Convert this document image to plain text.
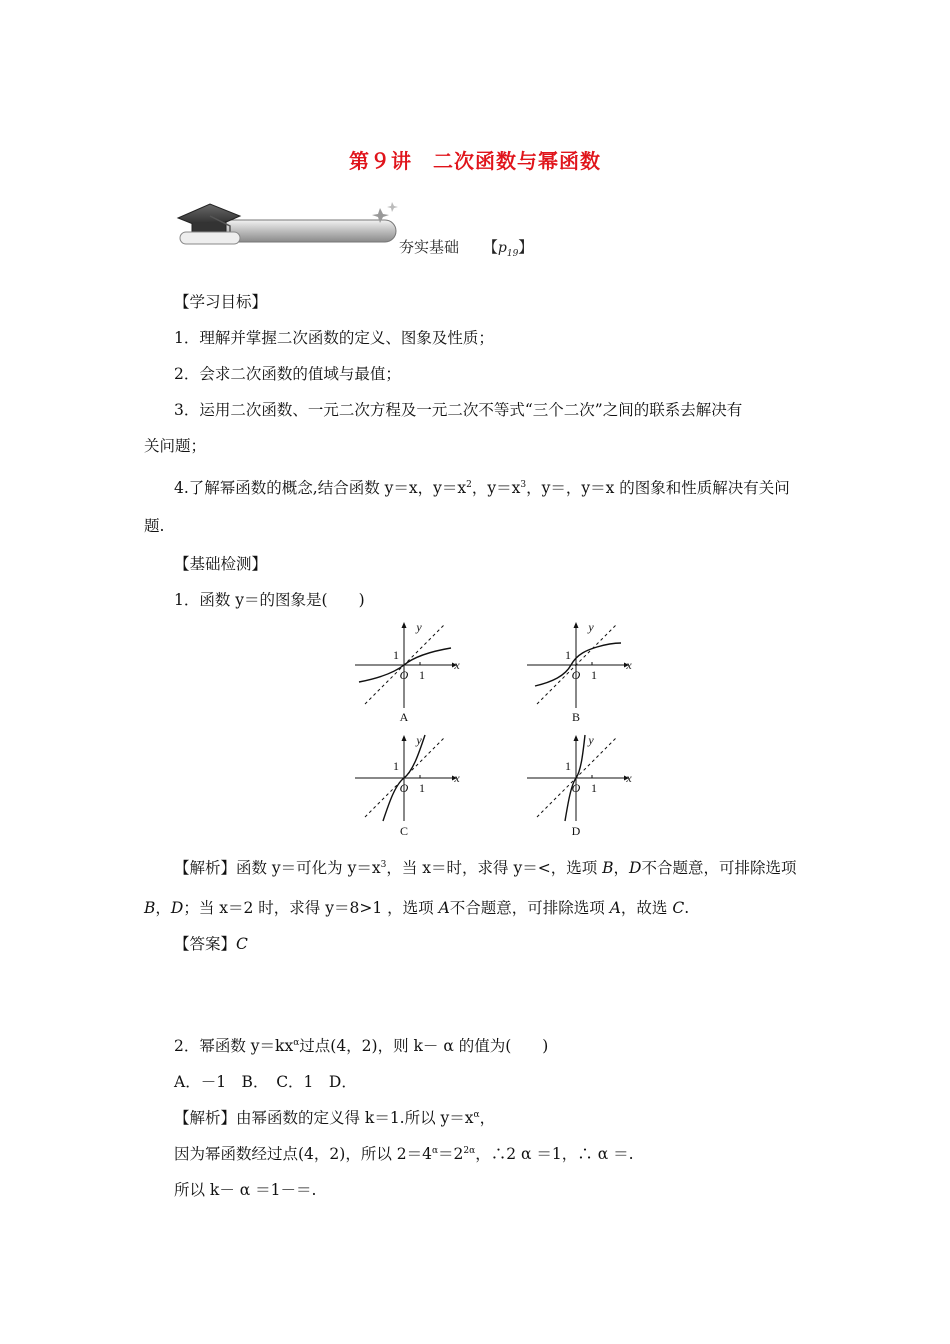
第９讲　二次函数与幂函数
夯实基础 【$p_{19}$】
【学习目标】
1．理解并掌握二次函数的定义、图象及性质；
2．会求二次函数的值域与最值；
3．运用二次函数、一元二次方程及一元二次不等式“三个二次”之间的联系去解决有
关问题；
4.了解幂函数的概念,结合函数 y＝x，$y=x^2$，$y=x^3$，y＝，y＝x 的图象和性质解决有关问
题.
【基础检测】
1．函数 y＝的图象是(　　)
y
x
1
O 1
A
y
x
1
O 1
B
y
x
1
O 1
C
y
x
1
O 1
D
【解析】函数 y＝可化为 $y=x^3$，当 x＝时，求得 y＝<，选项 B，D不合题意，可排除选项
B，D；当 x＝2 时，求得 y＝8>1 ，选项 A不合题意，可排除选项 A，故选 C.
【答案】C
2．幂函数 $y=kx^\alpha$过点(4，2)，则 k－ α 的值为(　　)
A．－1　B．　C．1　D．
【解析】由幂函数的定义得 k＝1.所以 $y=x^\alpha$，
因为幂函数经过点(4，2)，所以 $2=4^\alpha=2^{2\alpha}$，∴2 α ＝1，∴ α ＝.
所以 k－ α ＝1－＝.
